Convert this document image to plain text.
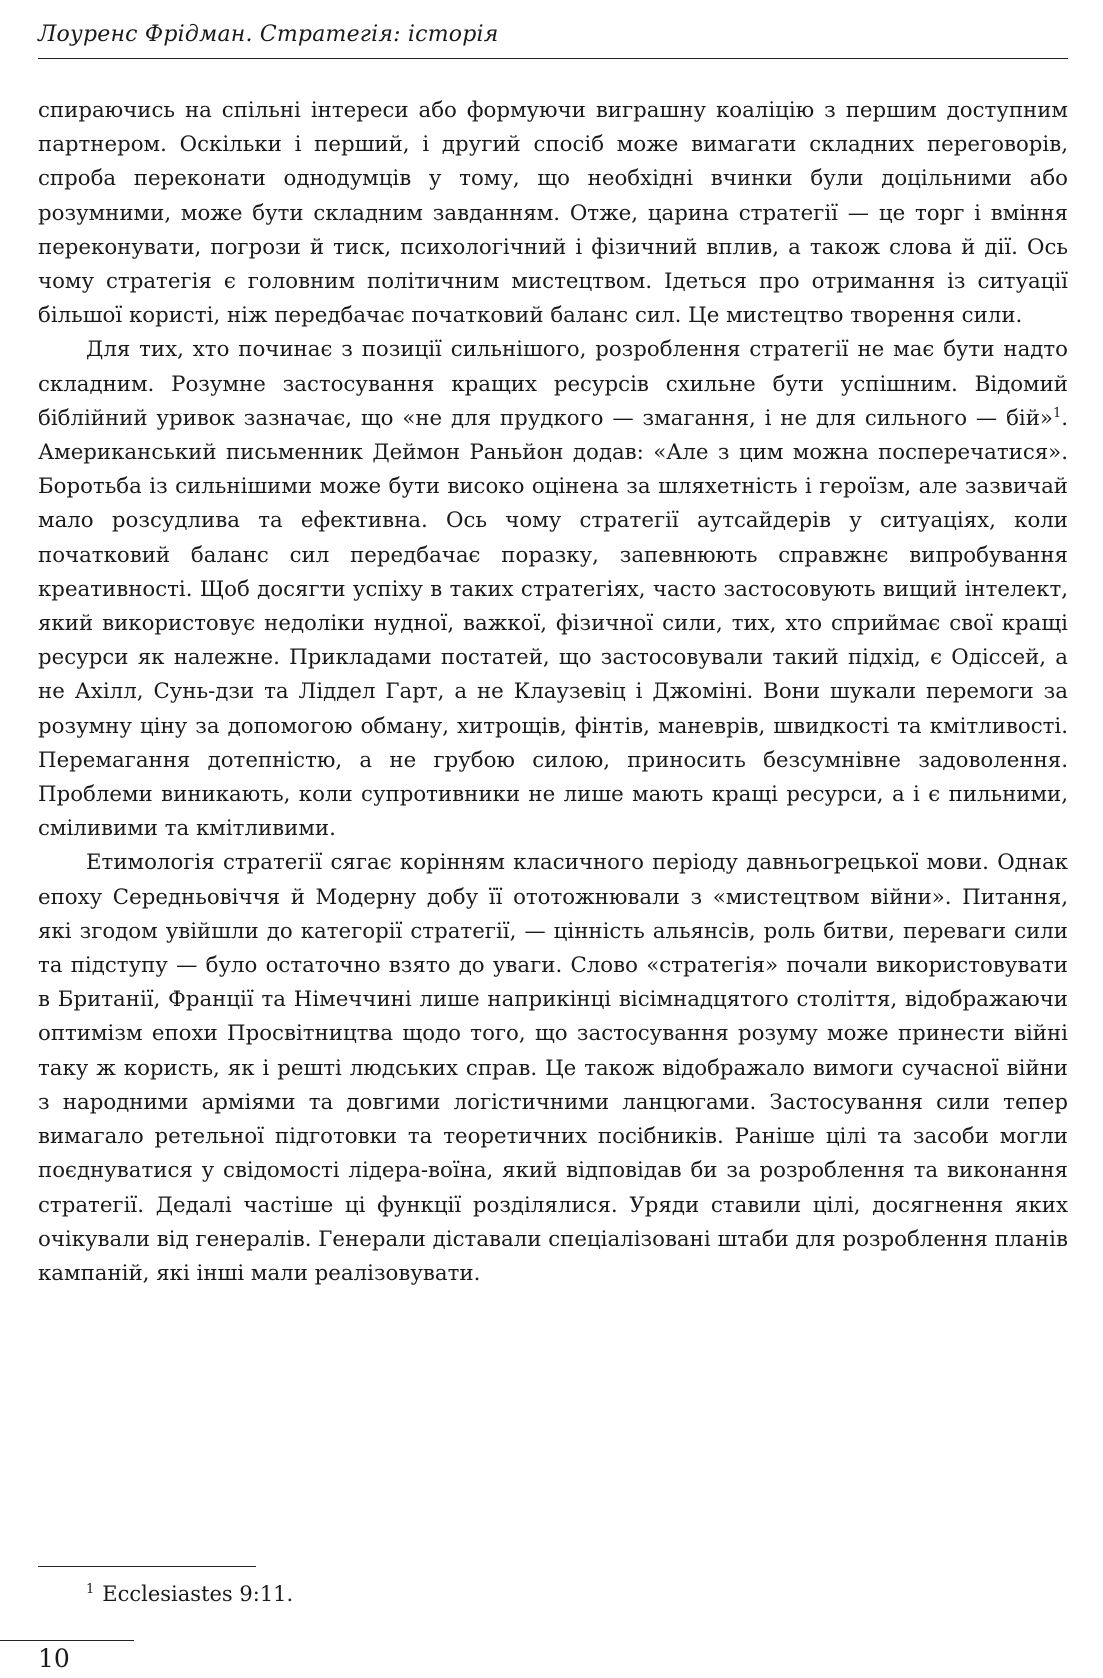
Лоуренс Фрідман. Стратегія: історія

спираючись на спільні інтереси або формуючи виграшну коаліцію з першим доступним партнером. Оскільки і перший, і другий спосіб може вимагати складних переговорів, спроба переконати однодумців у тому, що необхідні вчинки були доцільними або розумними, може бути складним завданням. Отже, царина стратегії — це торг і вміння переконувати, погрози й тиск, психологічний і фізичний вплив, а також слова й дії. Ось чому стратегія є головним політичним мистецтвом. Ідеться про отримання із ситуації більшої користі, ніж передбачає початковий баланс сил. Це мистецтво творення сили.

Для тих, хто починає з позиції сильнішого, розроблення стратегії не має бути надто складним. Розумне застосування кращих ресурсів схильне бути успішним. Відомий біблійний уривок зазначає, що «не для прудкого — змагання, і не для сильного — бій»$^1$. Американський письменник Деймон Раньйон додав: «Але з цим можна посперечатися». Боротьба із сильнішими може бути високо оцінена за шляхетність і героїзм, але зазвичай мало розсудлива та ефективна. Ось чому стратегії аутсайдерів у ситуаціях, коли початковий баланс сил передбачає поразку, запевнюють справжнє випробування креативності. Щоб досягти успіху в таких стратегіях, часто застосовують вищий інтелект, який використовує недоліки нудної, важкої, фізичної сили, тих, хто сприймає свої кращі ресурси як належне. Прикладами постатей, що застосовували такий підхід, є Одіссей, а не Ахілл, Сунь-дзи та Ліддел Гарт, а не Клаузевіц і Джоміні. Вони шукали перемоги за розумну ціну за допомогою обману, хитрощів, фінтів, маневрів, швидкості та кмітливості. Перемагання дотепністю, а не грубою силою, приносить безсумнівне задоволення. Проблеми виникають, коли супротивники не лише мають кращі ресурси, а і є пильними, сміливими та кмітливими.

Етимологія стратегії сягає корінням класичного періоду давньогрецької мови. Однак епоху Середньовіччя й Модерну добу її ототожнювали з «мистецтвом війни». Питання, які згодом увійшли до категорії стратегії, — цінність альянсів, роль битви, переваги сили та підступу — було остаточно взято до уваги. Слово «стратегія» почали використовувати в Британії, Франції та Німеччині лише наприкінці вісімнадцятого століття, відображаючи оптимізм епохи Просвітництва щодо того, що застосування розуму може принести війні таку ж користь, як і решті людських справ. Це також відображало вимоги сучасної війни з народними арміями та довгими логістичними ланцюгами. Застосування сили тепер вимагало ретельної підготовки та теоретичних посібників. Раніше цілі та засоби могли поєднуватися у свідомості лідера-воїна, який відповідав би за розроблення та виконання стратегії. Дедалі частіше ці функції розділялися. Уряди ставили цілі, досягнення яких очікували від генералів. Генерали діставали спеціалізовані штаби для розроблення планів кампаній, які інші мали реалізовувати.

$^1$ Ecclesiastes 9:11.
10
